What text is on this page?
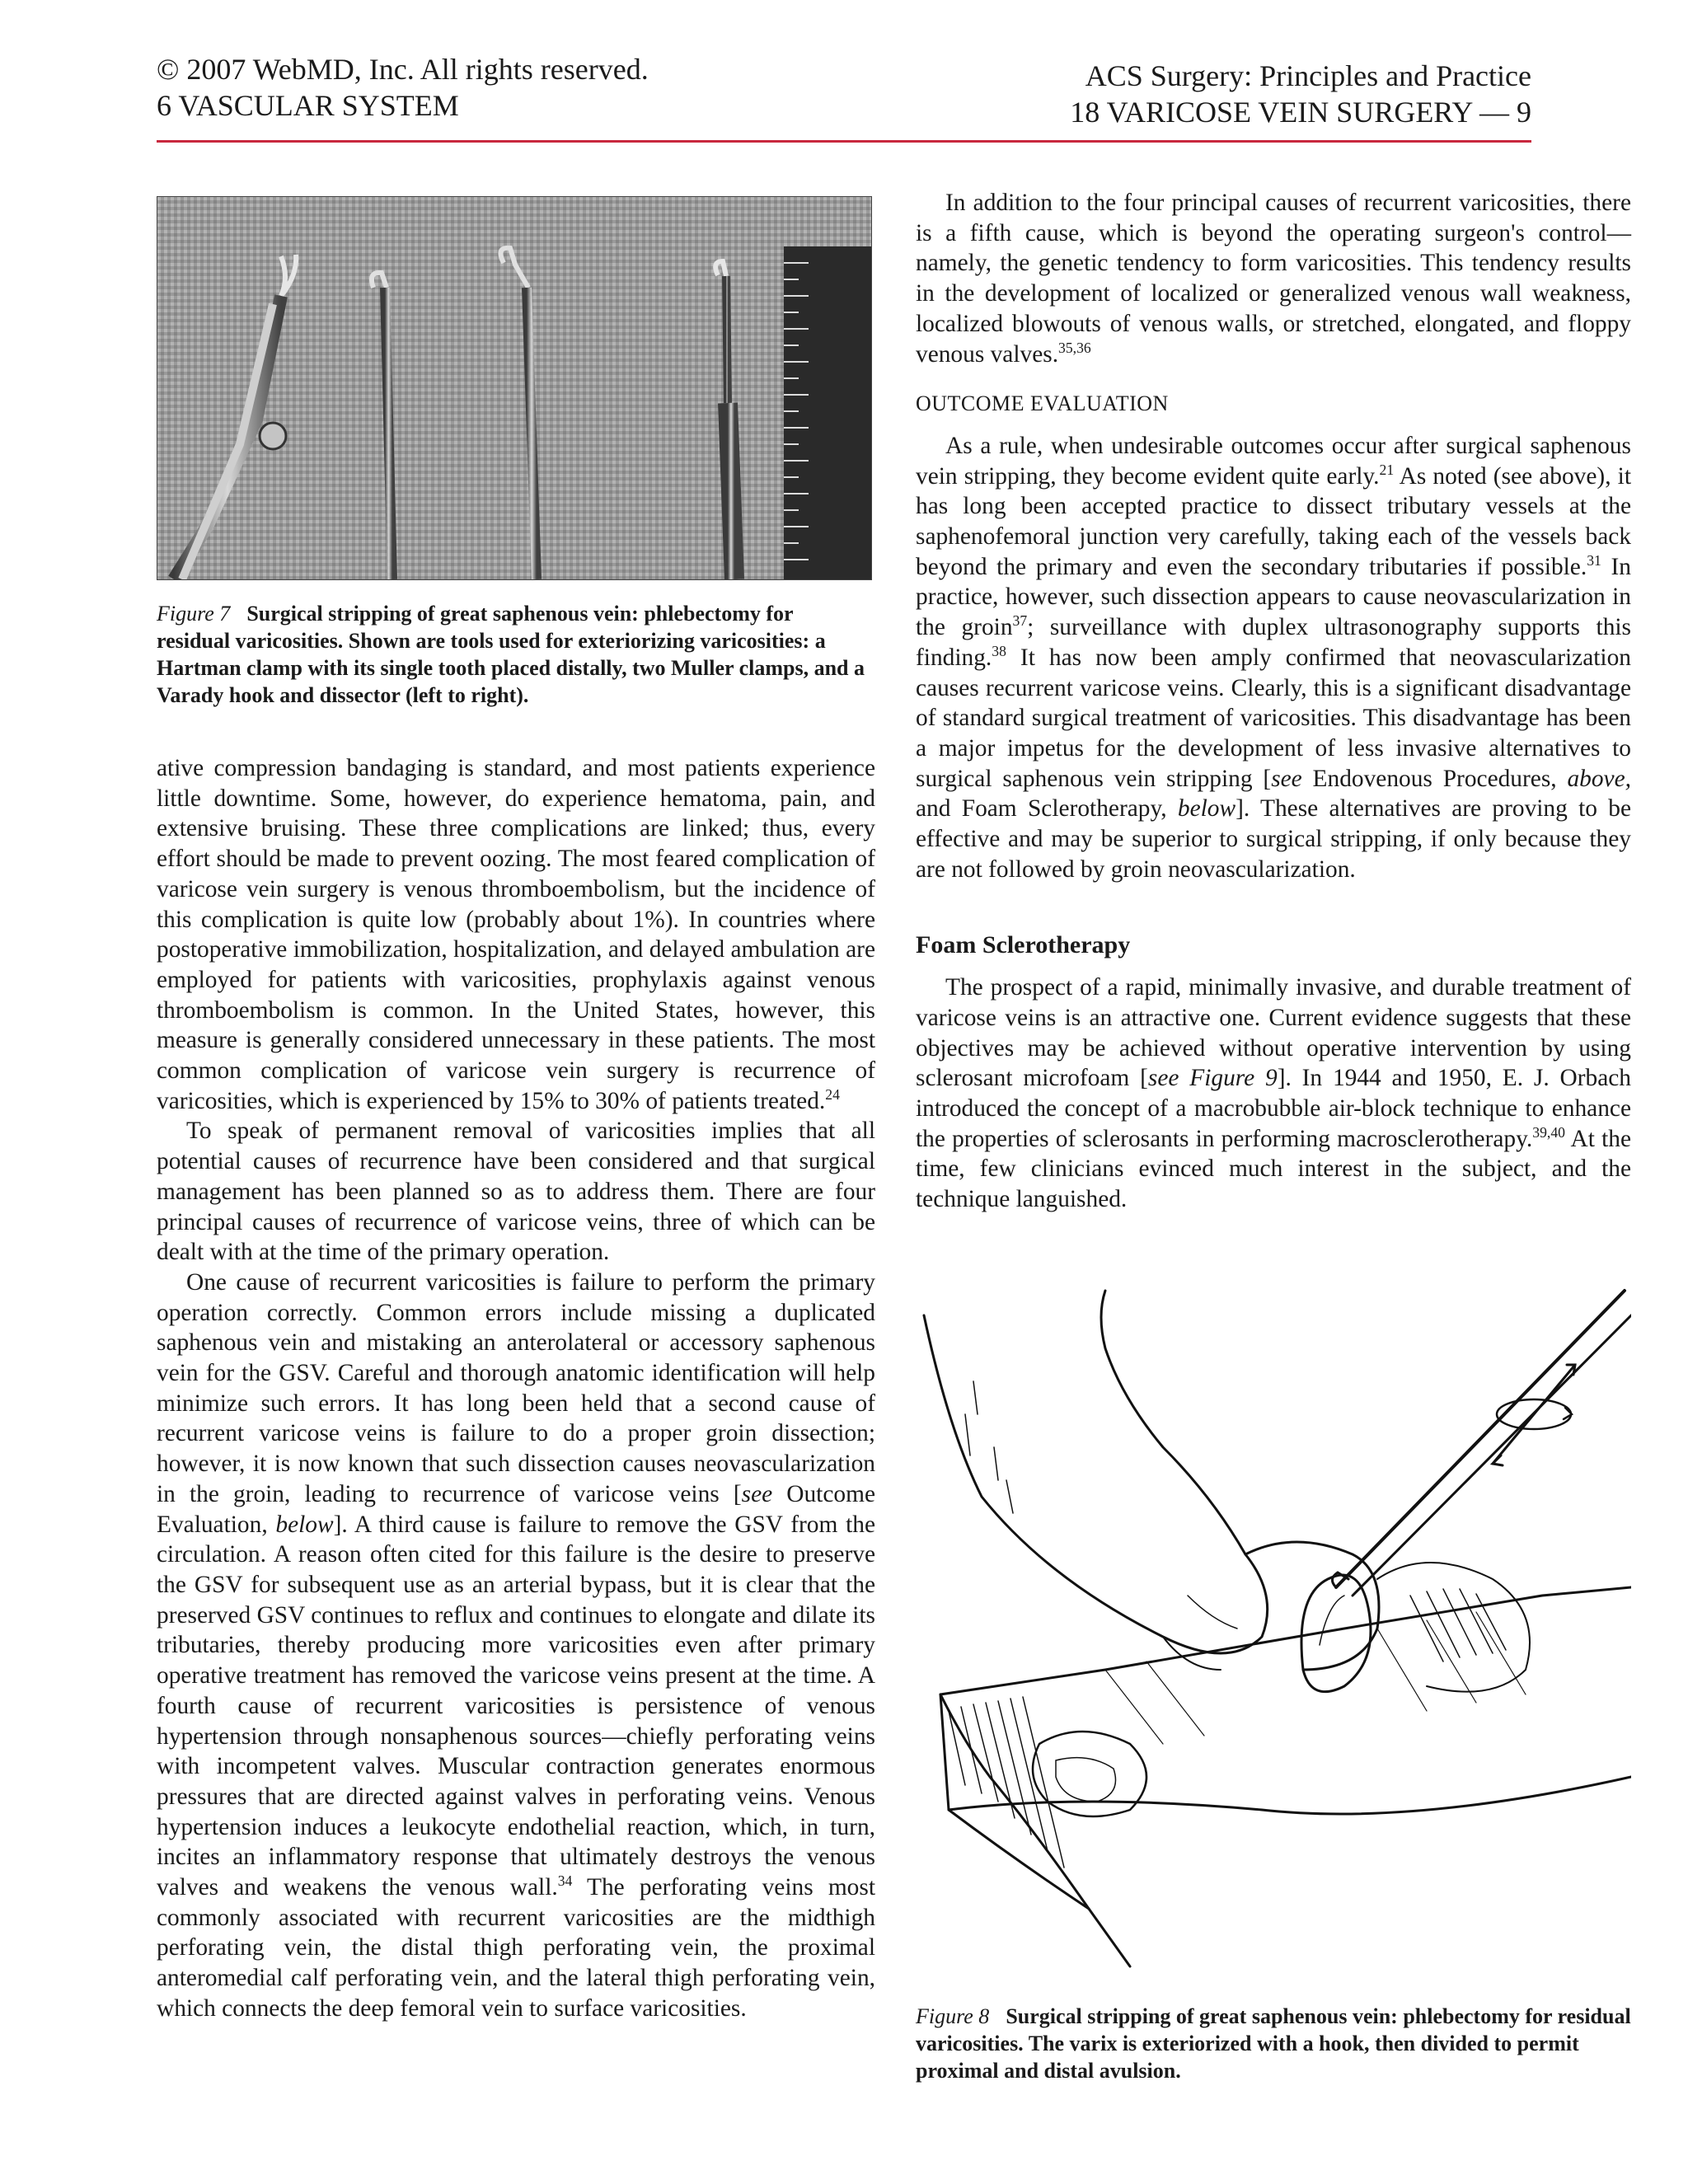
© 2007 WebMD, Inc. All rights reserved.
6 VASCULAR SYSTEM
ACS Surgery: Principles and Practice
18 VARICOSE VEIN SURGERY — 9
Figure 7 Surgical stripping of great saphenous vein: phlebectomy for residual varicosities. Shown are tools used for exteriorizing varicosities: a Hartman clamp with its single tooth placed distally, two Muller clamps, and a Varady hook and dissector (left to right).

ative compression bandaging is standard, and most patients experience little downtime. Some, however, do experience hematoma, pain, and extensive bruising. These three complications are linked; thus, every effort should be made to prevent oozing. The most feared complication of varicose vein surgery is venous thromboembolism, but the incidence of this complication is quite low (probably about 1%). In countries where postoperative immobilization, hospitalization, and delayed ambulation are employed for patients with varicosities, prophylaxis against venous thromboembolism is common. In the United States, however, this measure is generally considered unnecessary in these patients. The most common complication of varicose vein surgery is recurrence of varicosities, which is experienced by 15% to 30% of patients treated.$^{24}$

To speak of permanent removal of varicosities implies that all potential causes of recurrence have been considered and that surgical management has been planned so as to address them. There are four principal causes of recurrence of varicose veins, three of which can be dealt with at the time of the primary operation.

One cause of recurrent varicosities is failure to perform the primary operation correctly. Common errors include missing a duplicated saphenous vein and mistaking an anterolateral or accessory saphenous vein for the GSV. Careful and thorough anatomic identification will help minimize such errors. It has long been held that a second cause of recurrent varicose veins is failure to do a proper groin dissection; however, it is now known that such dissection causes neovascularization in the groin, leading to recurrence of varicose veins [see Outcome Evaluation, below]. A third cause is failure to remove the GSV from the circulation. A reason often cited for this failure is the desire to preserve the GSV for subsequent use as an arterial bypass, but it is clear that the preserved GSV continues to reflux and continues to elongate and dilate its tributaries, thereby producing more varicosities even after primary operative treatment has removed the varicose veins present at the time. A fourth cause of recurrent varicosities is persistence of venous hypertension through nonsaphenous sources—chiefly perforating veins with incompetent valves. Muscular contraction generates enormous pressures that are directed against valves in perforating veins. Venous hypertension induces a leukocyte endothelial reaction, which, in turn, incites an inflammatory response that ultimately destroys the venous valves and weakens the venous wall.$^{34}$ The perforating veins most commonly associated with recurrent varicosities are the midthigh perforating vein, the distal thigh perforating vein, the proximal anteromedial calf perforating vein, and the lateral thigh perforating vein, which connects the deep femoral vein to surface varicosities.

In addition to the four principal causes of recurrent varicosities, there is a fifth cause, which is beyond the operating surgeon's control—namely, the genetic tendency to form varicosities. This tendency results in the development of localized or generalized venous wall weakness, localized blowouts of venous walls, or stretched, elongated, and floppy venous valves.$^{35,36}$

OUTCOME EVALUATION

As a rule, when undesirable outcomes occur after surgical saphenous vein stripping, they become evident quite early.$^{21}$ As noted (see above), it has long been accepted practice to dissect tributary vessels at the saphenofemoral junction very carefully, taking each of the vessels back beyond the primary and even the secondary tributaries if possible.$^{31}$ In practice, however, such dissection appears to cause neovascularization in the groin$^{37}$; surveillance with duplex ultrasonography supports this finding.$^{38}$ It has now been amply confirmed that neovascularization causes recurrent varicose veins. Clearly, this is a significant disadvantage of standard surgical treatment of varicosities. This disadvantage has been a major impetus for the development of less invasive alternatives to surgical saphenous vein stripping [see Endovenous Procedures, above, and Foam Sclerotherapy, below]. These alternatives are proving to be effective and may be superior to surgical stripping, if only because they are not followed by groin neovascularization.

Foam Sclerotherapy

The prospect of a rapid, minimally invasive, and durable treatment of varicose veins is an attractive one. Current evidence suggests that these objectives may be achieved without operative intervention by using sclerosant microfoam [see Figure 9]. In 1944 and 1950, E. J. Orbach introduced the concept of a macrobubble air-block technique to enhance the properties of sclerosants in performing macrosclerotherapy.$^{39,40}$ At the time, few clinicians evinced much interest in the subject, and the technique languished.

Figure 8 Surgical stripping of great saphenous vein: phlebectomy for residual varicosities. The varix is exteriorized with a hook, then divided to permit proximal and distal avulsion.
